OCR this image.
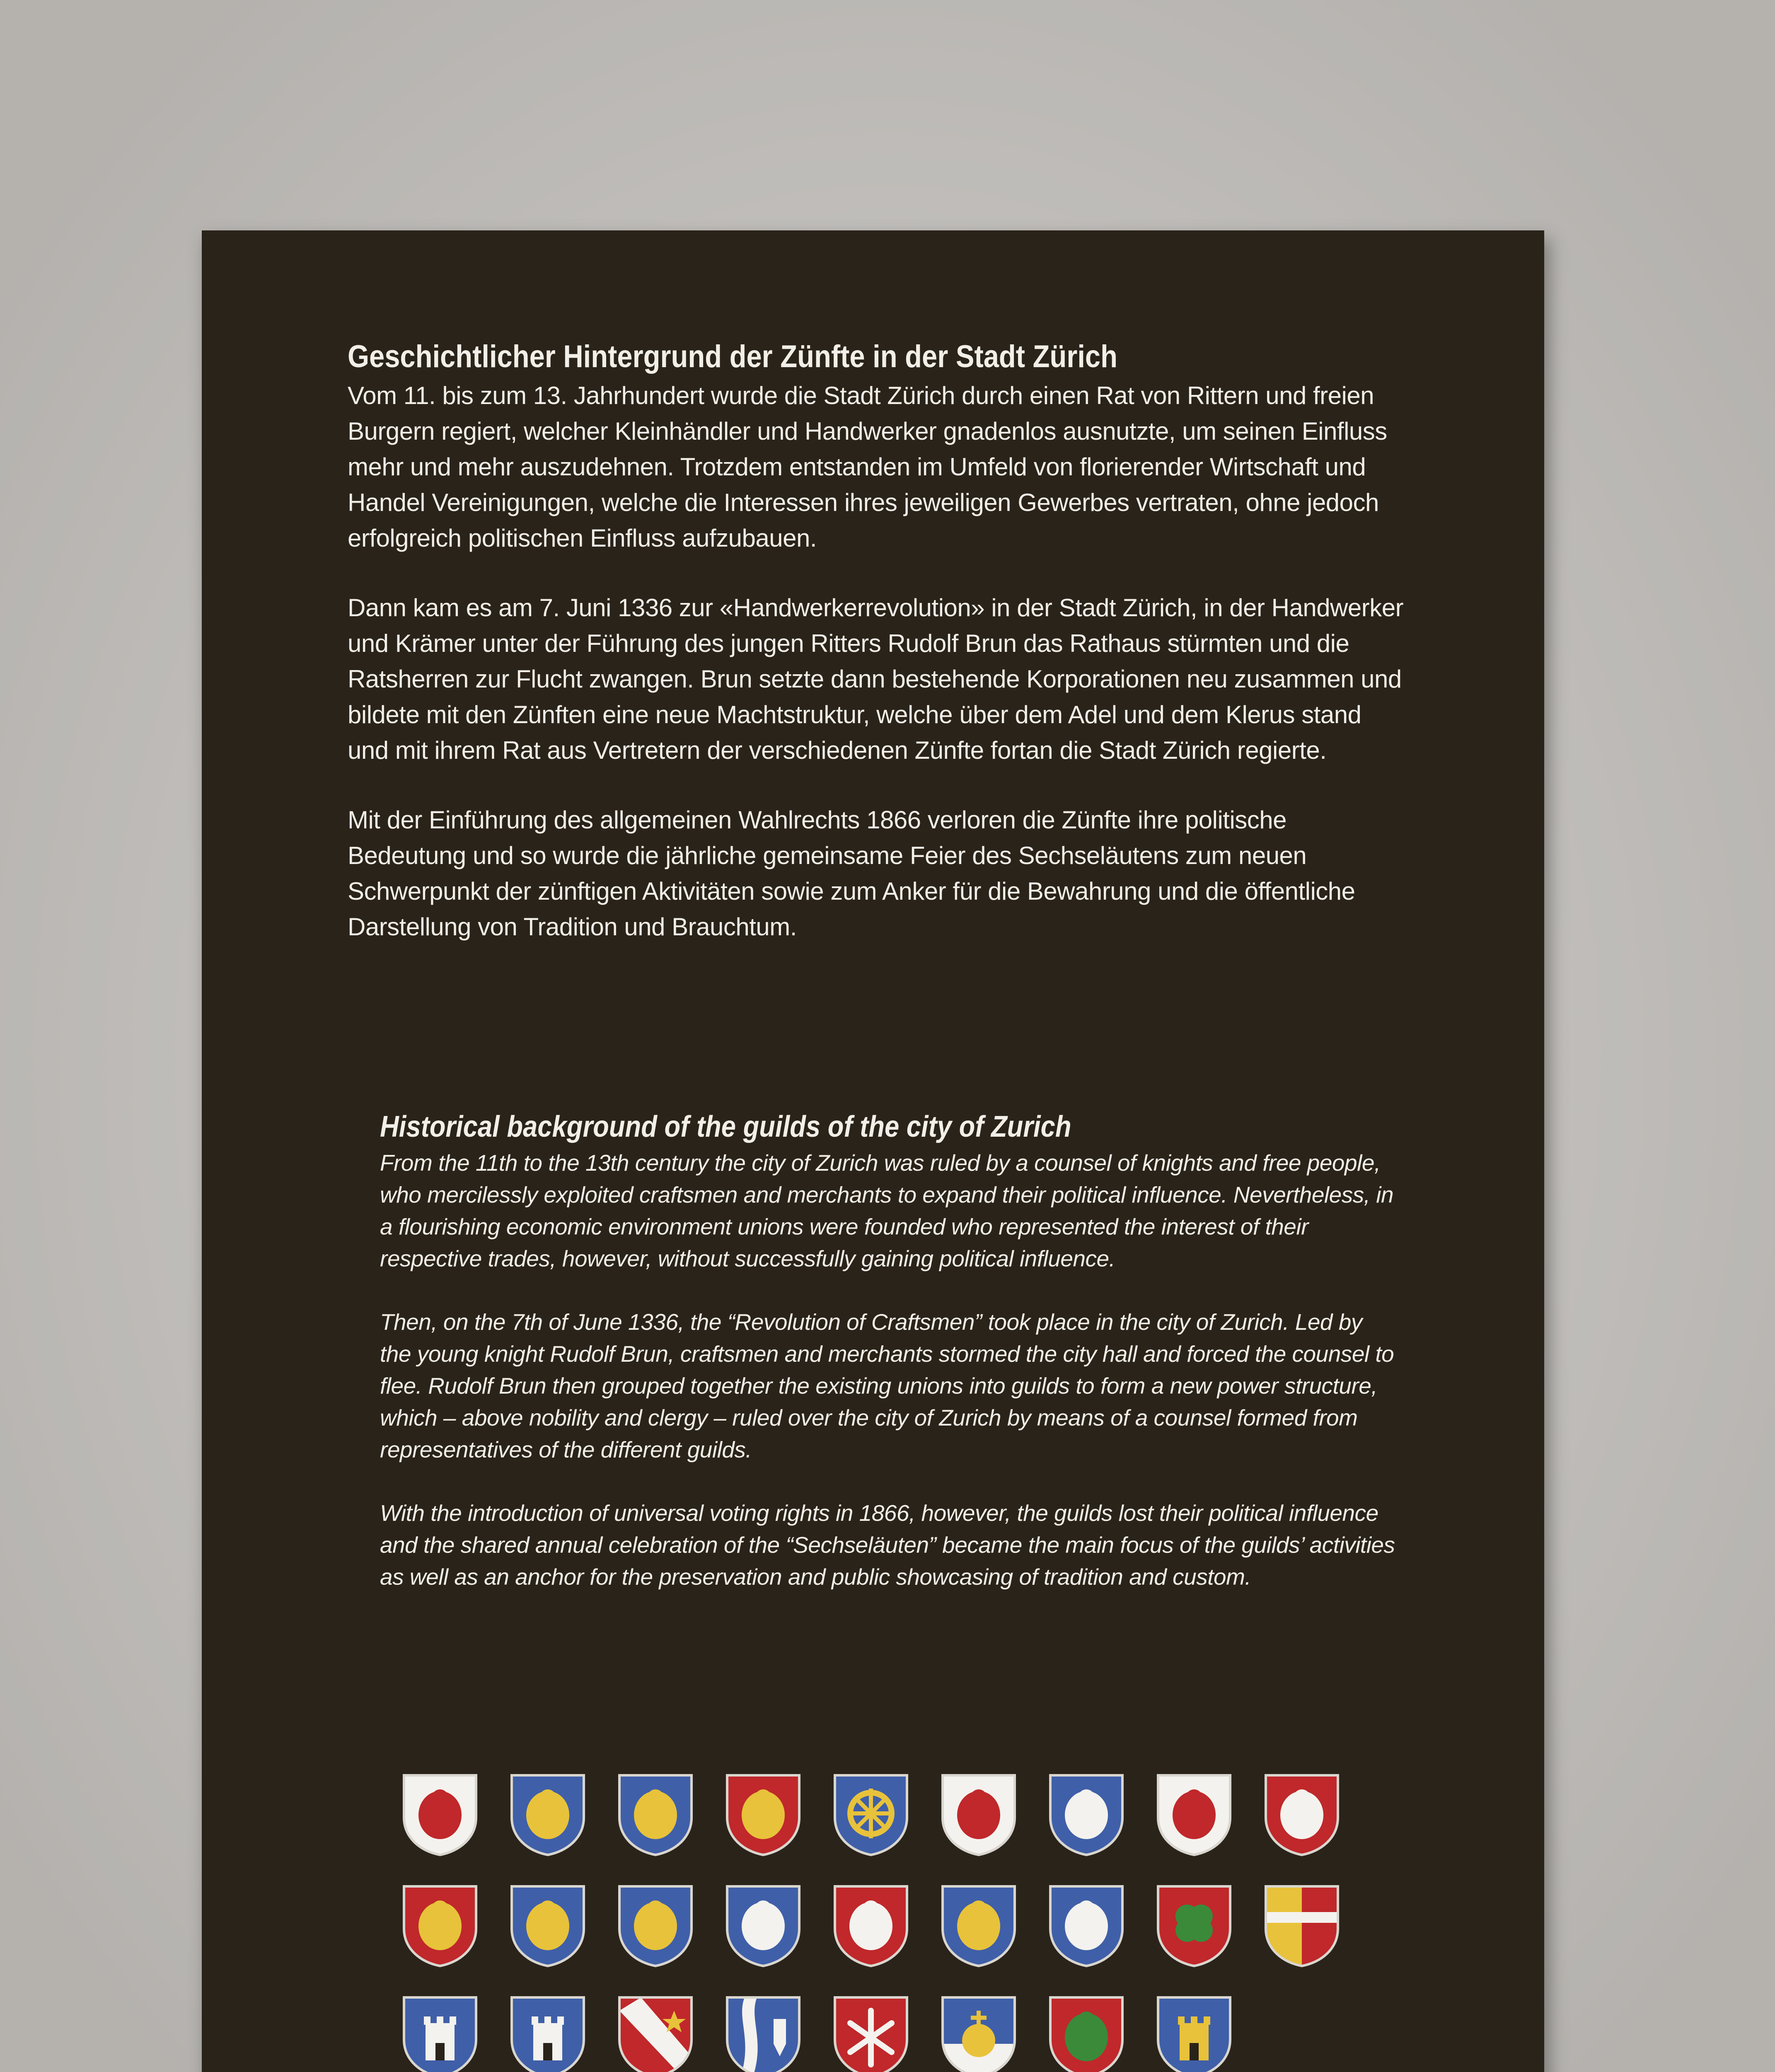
Geschichtlicher Hintergrund der Zünfte in der Stadt Zürich

Vom 11. bis zum 13. Jahrhundert wurde die Stadt Zürich durch einen Rat von Rittern und freien Burgern regiert, welcher Kleinhändler und Handwerker gnadenlos ausnutzte, um seinen Einfluss mehr und mehr auszudehnen. Trotzdem entstanden im Umfeld von florierender Wirtschaft und Handel Vereinigungen, welche die Interessen ihres jeweiligen Gewerbes vertraten, ohne jedoch erfolgreich politischen Einfluss aufzubauen.

Dann kam es am 7. Juni 1336 zur «Handwerkerrevolution» in der Stadt Zürich, in der Handwerker und Krämer unter der Führung des jungen Ritters Rudolf Brun das Rathaus stürmten und die Ratsherren zur Flucht zwangen. Brun setzte dann bestehende Korporationen neu zusammen und bildete mit den Zünften eine neue Machtstruktur, welche über dem Adel und dem Klerus stand und mit ihrem Rat aus Vertretern der verschiedenen Zünfte fortan die Stadt Zürich regierte.

Mit der Einführung des allgemeinen Wahlrechts 1866 verloren die Zünfte ihre politische Bedeutung und so wurde die jährliche gemeinsame Feier des Sechseläutens zum neuen Schwerpunkt der zünftigen Aktivitäten sowie zum Anker für die Bewahrung und die öffentliche Darstellung von Tradition und Brauchtum.

Historical background of the guilds of the city of Zurich

From the 11th to the 13th century the city of Zurich was ruled by a counsel of knights and free people, who mercilessly exploited craftsmen and merchants to expand their political influence. Nevertheless, in a flourishing economic environment unions were founded who represented the interest of their respective trades, however, without successfully gaining political influence.

Then, on the 7th of June 1336, the “Revolution of Craftsmen” took place in the city of Zurich. Led by the young knight Rudolf Brun, craftsmen and merchants stormed the city hall and forced the counsel to flee. Rudolf Brun then grouped together the existing unions into guilds to form a new power structure, which – above nobility and clergy – ruled over the city of Zurich by means of a counsel formed from representatives of the different guilds.

With the introduction of universal voting rights in 1866, however, the guilds lost their political influence and the shared annual celebration of the “Sechseläuten” became the main focus of the guilds’ activities as well as an anchor for the preservation and public showcasing of tradition and custom.
